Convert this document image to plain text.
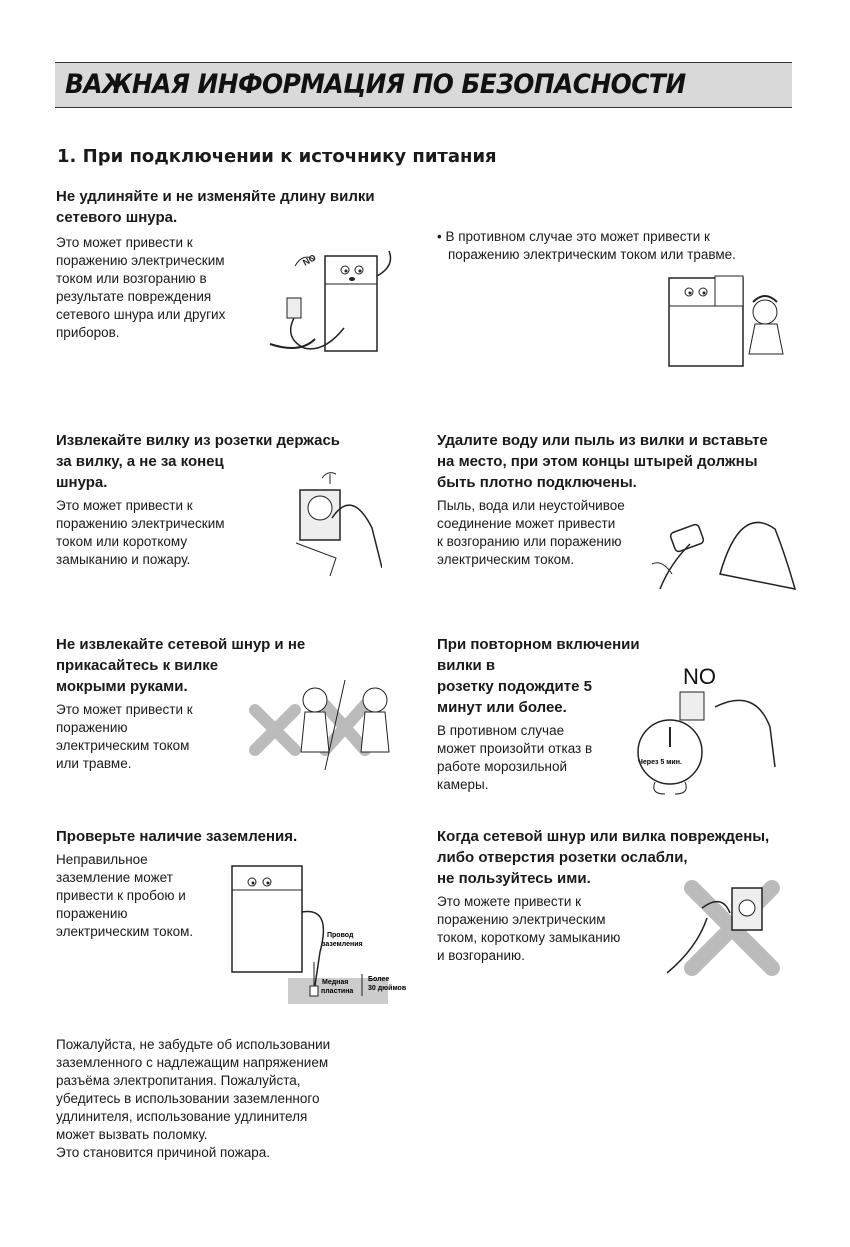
ВАЖНАЯ ИНФОРМАЦИЯ ПО БЕЗОПАСНОСТИ
1. При подключении к источнику питания

Не удлиняйте и не изменяйте длину вилки
сетевого шнура.

Это может привести к
поражению электрическим
током или возгоранию в
результате повреждения
сетевого шнура или других
приборов.

• В противном случае это может привести к
поражению электрическим током или травме.

Извлекайте вилку из розетки держась
за вилку, а не за конец
шнура.

Это может привести к
поражению электрическим
током или короткому
замыканию и пожару.

Удалите воду или пыль из вилки и вставьте
на место, при этом концы штырей должны
быть плотно подключены.

Пыль, вода или неустойчивое
соединение может привести
к возгоранию или поражению
электрическим током.

Не извлекайте сетевой шнур и не
прикасайтесь к вилке
мокрыми руками.

Это может привести к
поражению
электрическим током
или травме.

При повторном включении вилки в
розетку подождите 5
минут или более.

В противном случае
может произойти отказ в
работе морозильной
камеры.

Проверьте наличие заземления.

Неправильное
заземление может
привести к пробою и
поражению
электрическим током.

Когда сетевой шнур или вилка повреждены,
либо отверстия розетки ослабли,
не пользуйтесь ими.

Это можете привести к
поражению электрическим
током, короткому замыканию
и возгоранию.

Пожалуйста, не забудьте об использовании
заземленного с надлежащим напряжением
разъёма электропитания. Пожалуйста,
убедитесь в использовании заземленного
удлинителя, использование удлинителя
может вызвать поломку.
Это становится причиной пожара.

NO
NO
Через 5 мин.
Провод
заземления
Медная
пластина
Более
30 дюймов
